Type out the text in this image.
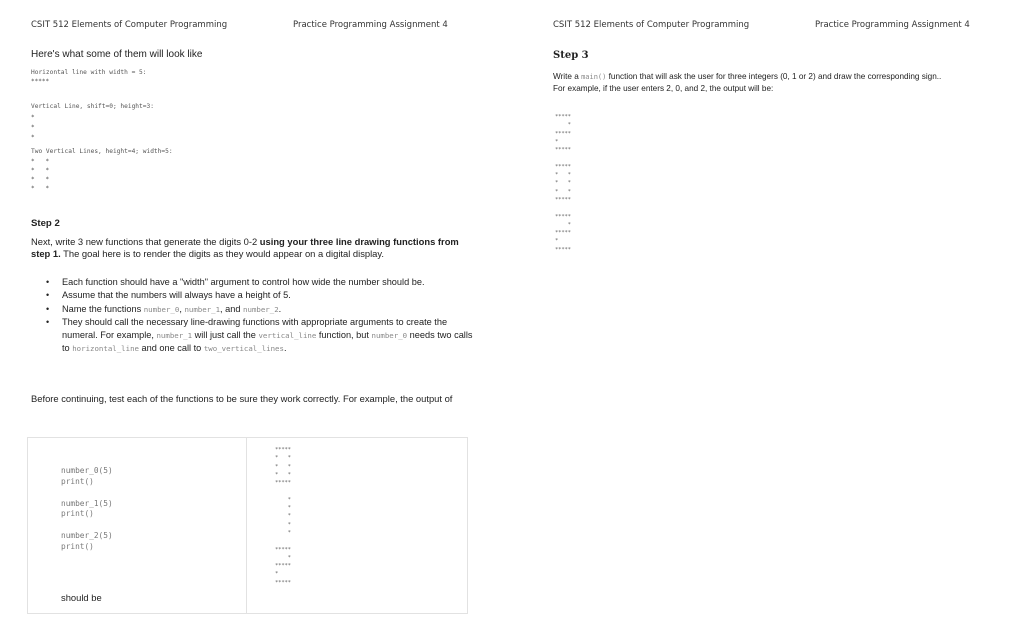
CSIT 512 Elements of Computer Programming	Practice Programming Assignment 4
Here's what some of them will look like
Horizontal line with width = 5:
*****
Vertical Line, shift=0; height=3:
*
*
*
Two Vertical Lines, height=4; width=5:
*   *
*   *
*   *
*   *
Step 2
Next, write 3 new functions that generate the digits 0-2 using your three line drawing functions from step 1. The goal here is to render the digits as they would appear on a digital display.
• Each function should have a "width" argument to control how wide the number should be.
• Assume that the numbers will always have a height of 5.
• Name the functions number_0, number_1, and number_2.
• They should call the necessary line-drawing functions with appropriate arguments to create the numeral. For example, number_1 will just call the vertical_line function, but number_0 needs two calls to horizontal_line and one call to two_vertical_lines.
Before continuing, test each of the functions to be sure they work correctly. For example, the output of
number_0(5)
print()
number_1(5)
print()
number_2(5)
print()
should be
*****
*   *
*   *
*   *
*****

*
*
*
*
*

*****
*
*****
*
*****
CSIT 512 Elements of Computer Programming	Practice Programming Assignment 4
Step 3
Write a main() function that will ask the user for three integers (0, 1 or 2) and draw the corresponding sign..
For example, if the user enters 2, 0, and 2, the output will be:
*****
*
*****
*
*****

*****
*   *
*   *
*   *
*****

*****
*
*****
*
*****
